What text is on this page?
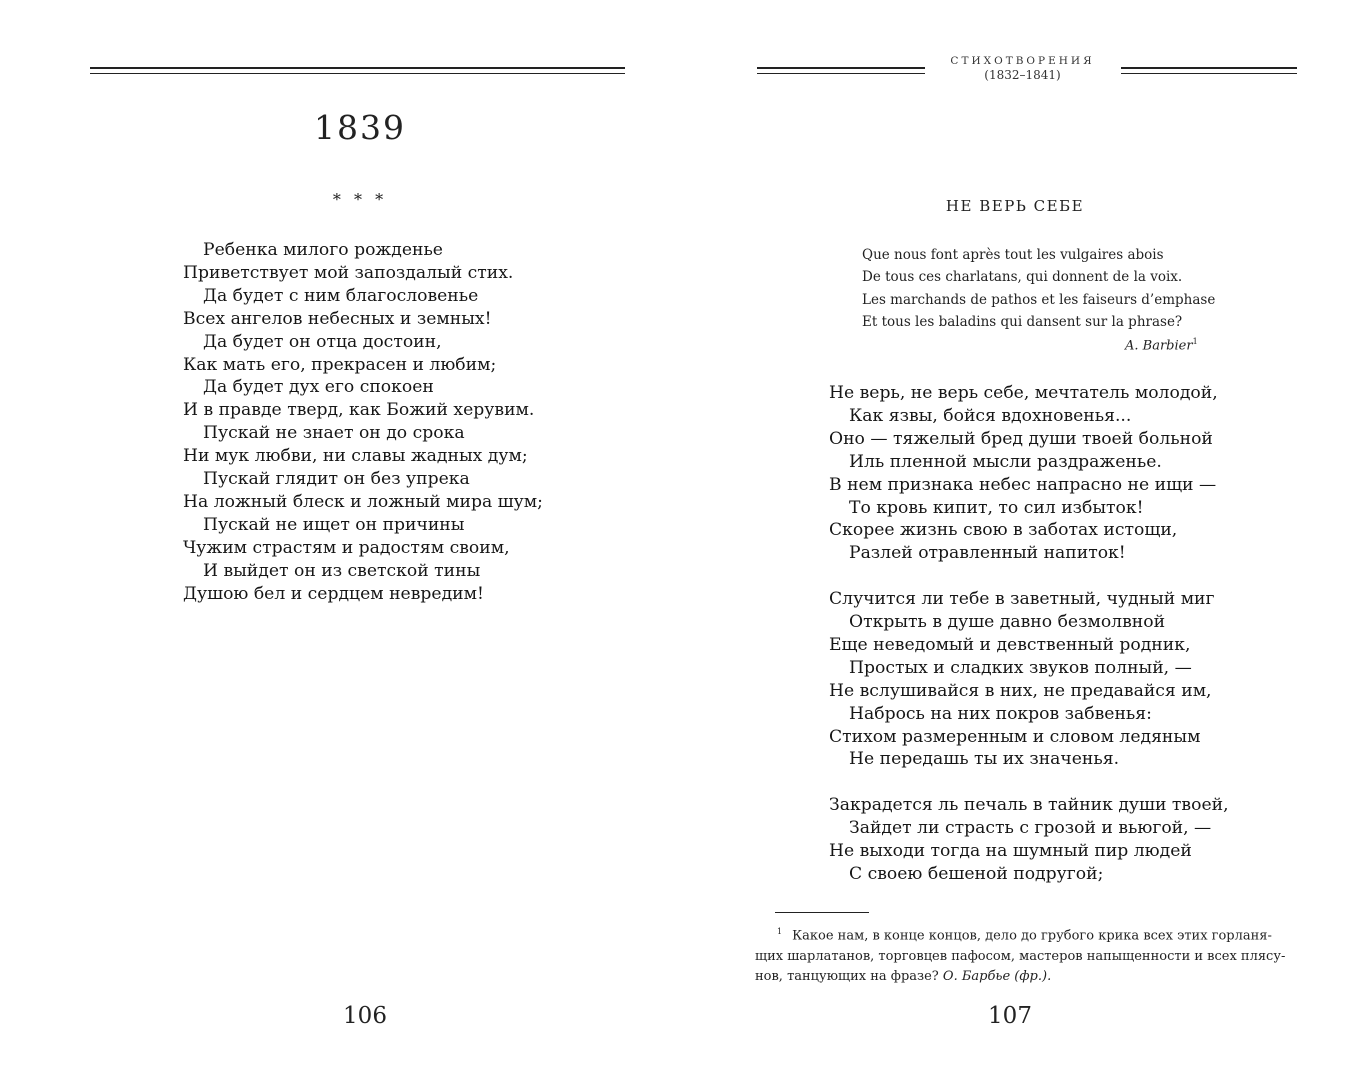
1839
* * *
Ребенка милого рожденье
Приветствует мой запоздалый стих.
Да будет с ним благословенье
Всех ангелов небесных и земных!
Да будет он отца достоин,
Как мать его, прекрасен и любим;
Да будет дух его спокоен
И в правде тверд, как Божий херувим.
Пускай не знает он до срока
Ни мук любви, ни славы жадных дум;
Пускай глядит он без упрека
На ложный блеск и ложный мира шум;
Пускай не ищет он причины
Чужим страстям и радостям своим,
И выйдет он из светской тины
Душою бел и сердцем невредим!
106
СТИХОТВОРЕНИЯ
(1832–1841)
НЕ ВЕРЬ СЕБЕ
Que nous font après tout les vulgaires abois
De tous ces charlatans, qui donnent de la voix.
Les marchands de pathos et les faiseurs d’emphase
Et tous les baladins qui dansent sur la phrase?
A. Barbier$^1$
Не верь, не верь себе, мечтатель молодой,
Как язвы, бойся вдохновенья...
Оно — тяжелый бред души твоей больной
Иль пленной мысли раздраженье.
В нем признака небес напрасно не ищи —
То кровь кипит, то сил избыток!
Скорее жизнь свою в заботах истощи,
Разлей отравленный напиток!
Случится ли тебе в заветный, чудный миг
Открыть в душе давно безмолвной
Еще неведомый и девственный родник,
Простых и сладких звуков полный, —
Не вслушивайся в них, не предавайся им,
Набрось на них покров забвенья:
Стихом размеренным и словом ледяным
Не передашь ты их значенья.
Закрадется ль печаль в тайник души твоей,
Зайдет ли страсть с грозой и вьюгой, —
Не выходи тогда на шумный пир людей
С своею бешеной подругой;
$^1$ Какое нам, в конце концов, дело до грубого крика всех этих горланя-
щих шарлатанов, торговцев пафосом, мастеров напыщенности и всех плясу-
нов, танцующих на фразе? О. Барбье (фр.).
107
